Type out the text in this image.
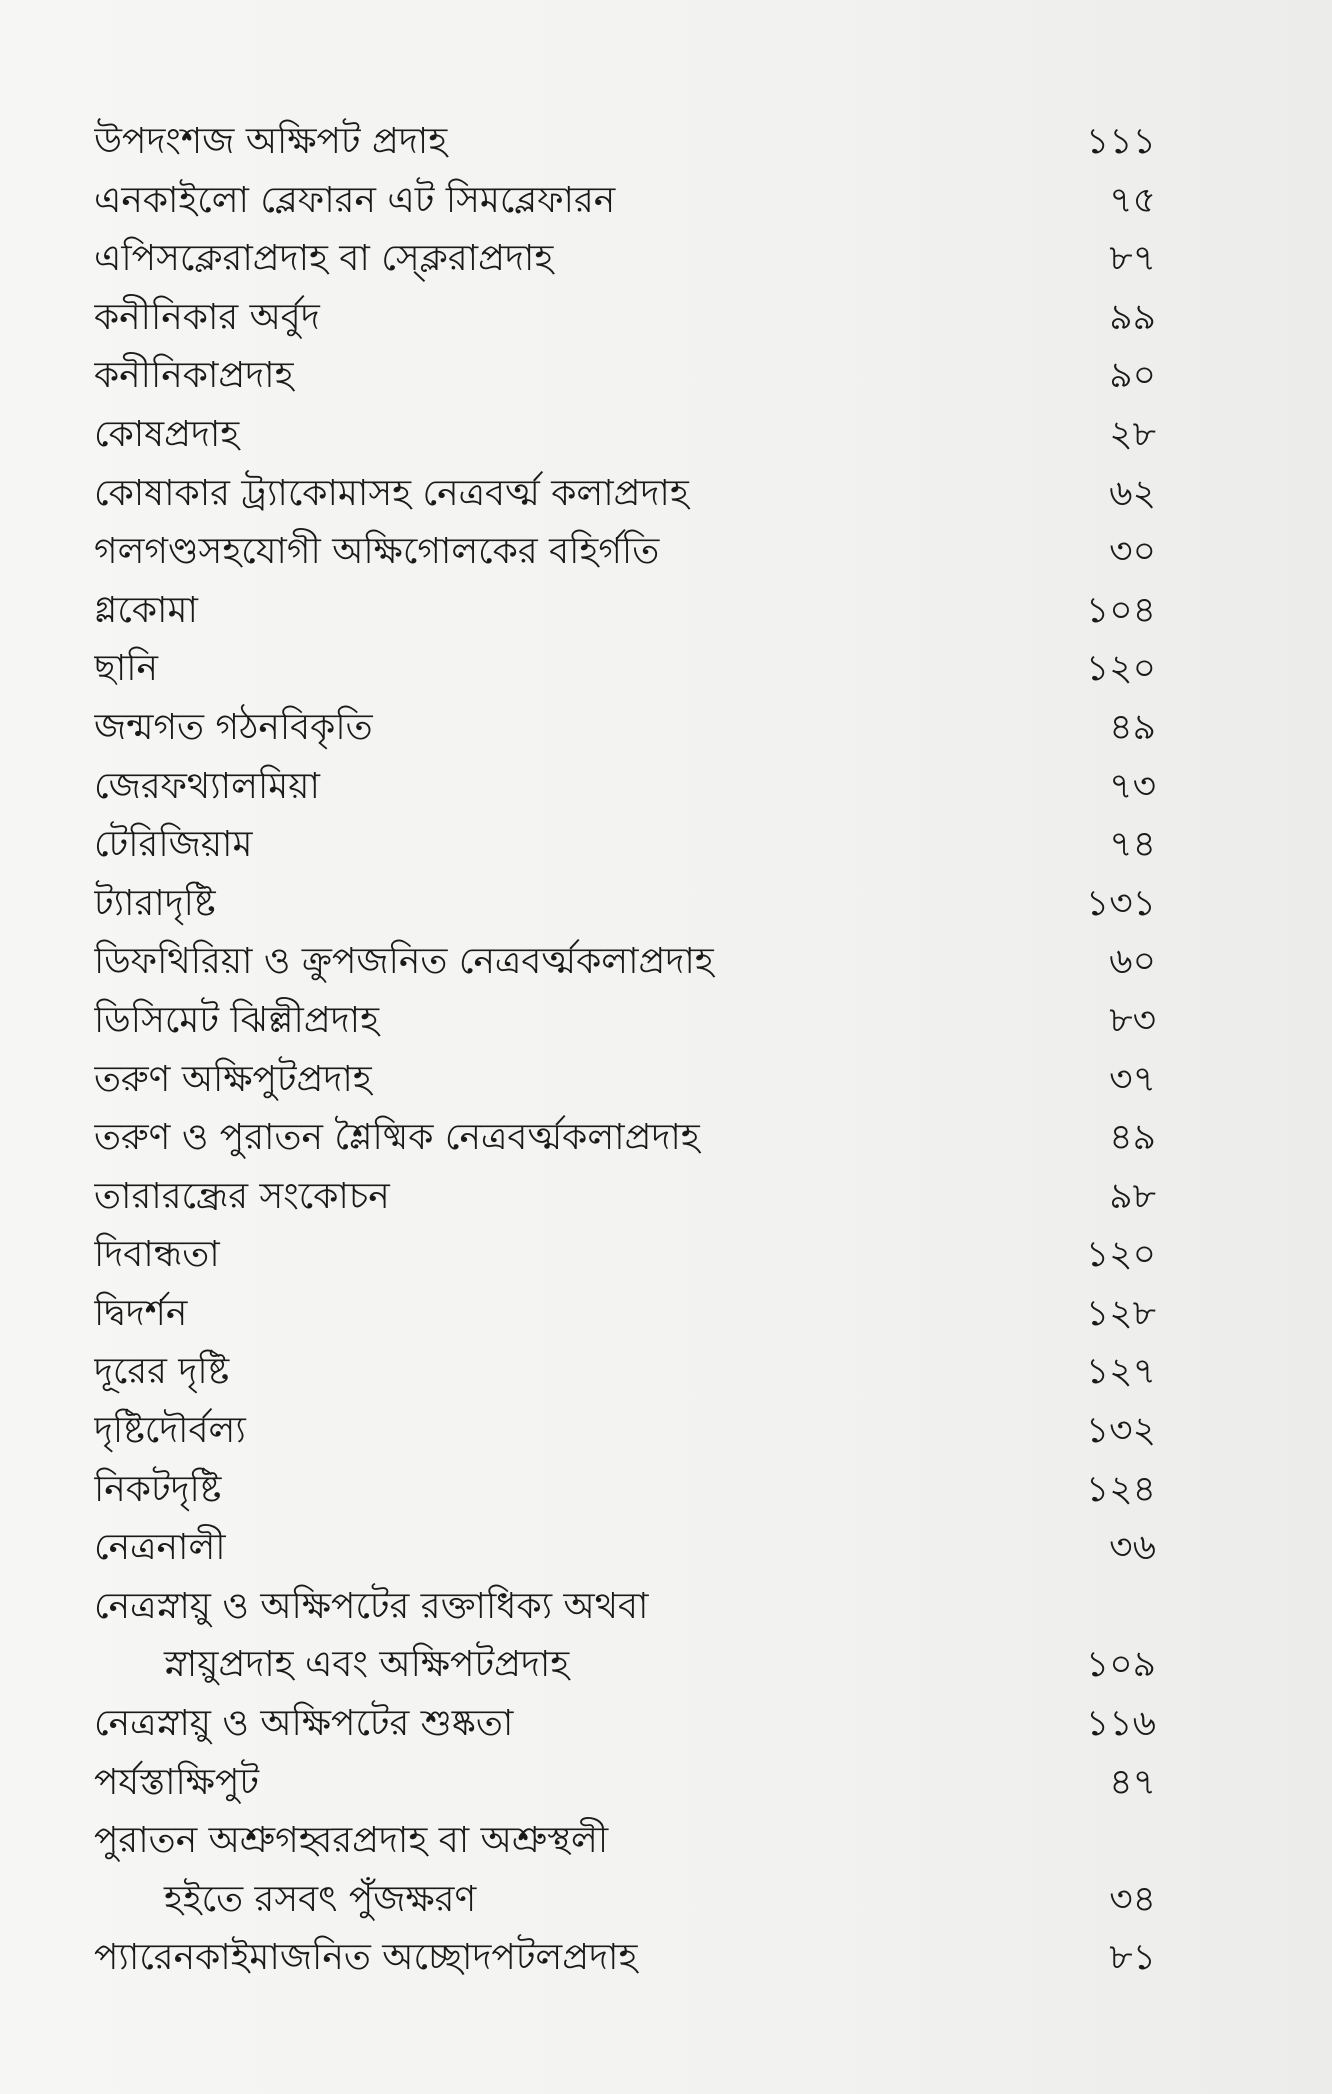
উপদংশজ অক্ষিপট প্রদাহ	১১১
এনকাইলো ব্লেফারন এট সিমব্লেফারন	৭৫
এপিসক্লেরাপ্রদাহ বা স্ক্লেরাপ্রদাহ	৮৭
কনীনিকার অর্বুদ	৯৯
কনীনিকাপ্রদাহ	৯০
কোষপ্রদাহ	২৮
কোষাকার ট্র্যাকোমাসহ নেত্রবর্ত্ম কলাপ্রদাহ	৬২
গলগণ্ডসহযোগী অক্ষিগোলকের বহির্গতি	৩০
গ্লকোমা	১০৪
ছানি	১২০
জন্মগত গঠনবিকৃতি	৪৯
জেরফথ্যালমিয়া	৭৩
টেরিজিয়াম	৭৪
ট্যারাদৃষ্টি	১৩১
ডিফথিরিয়া ও ক্রুপজনিত নেত্রবর্ত্মকলাপ্রদাহ	৬০
ডিসিমেট ঝিল্লীপ্রদাহ	৮৩
তরুণ অক্ষিপুটপ্রদাহ	৩৭
তরুণ ও পুরাতন শ্লৈষ্মিক নেত্রবর্ত্মকলাপ্রদাহ	৪৯
তারারন্ধ্রের সংকোচন	৯৮
দিবান্ধতা	১২০
দ্বিদর্শন	১২৮
দূরের দৃষ্টি	১২৭
দৃষ্টিদৌর্বল্য	১৩২
নিকটদৃষ্টি	১২৪
নেত্রনালী	৩৬
নেত্রস্নায়ু ও অক্ষিপটের রক্তাধিক্য অথবা
স্নায়ুপ্রদাহ এবং অক্ষিপটপ্রদাহ	১০৯
নেত্রস্নায়ু ও অক্ষিপটের শুষ্কতা	১১৬
পর্যস্তাক্ষিপুট	৪৭
পুরাতন অশ্রুগহ্বরপ্রদাহ বা অশ্রুস্থলী
হইতে রসবৎ পুঁজক্ষরণ	৩৪
প্যারেনকাইমাজনিত অচ্ছোদপটলপ্রদাহ	৮১
